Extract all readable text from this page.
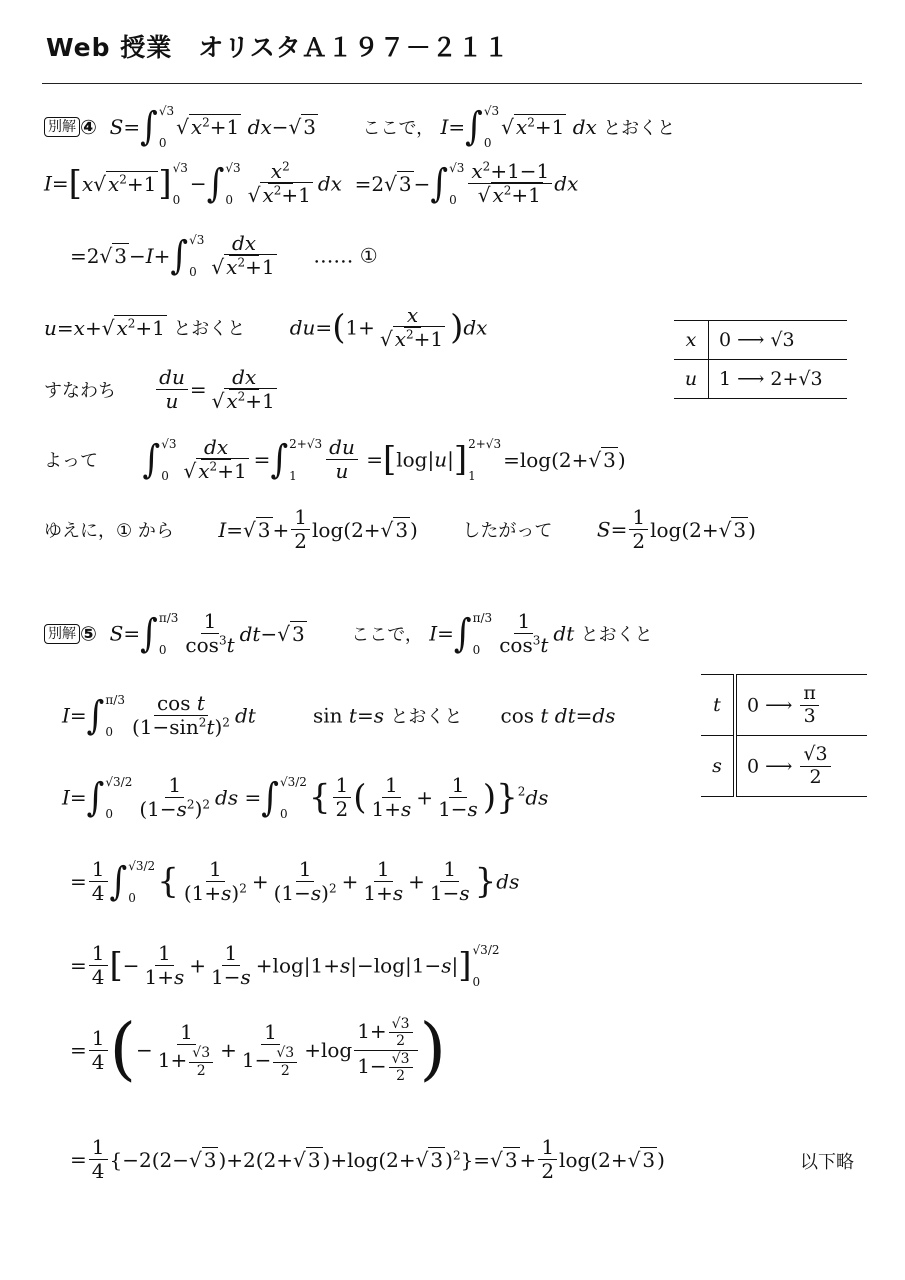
Web 授業　オリスタＡ１９７－２１１
別解 ④ S= ∫ √3
0
√ $x^2+1$ dx−√ 3	ここで， I= ∫ √3
0
√ $x^2+1$ dx とおくと
I=[x√ $x^2+1$] √3
0
− ∫ √3
$0 \frac{x^2}{√ x^2+1}$ dx =2√ 3 − ∫ √3
$0 \frac{x^2+1-1}{√ x^2+1}$ dx
=2√ 3 −I+ ∫ √3
$0 \frac{dx}{√ x^2+1}$ …… ①
u=x+√ $x^2+1$ とおくと $du=(1+ \frac{x}{√ x^2+1} )dx$
x	0 ⟶ √3
u	1 ⟶ 2+√3
すなわち $\frac{du}{u} = \frac{dx}{√ x^2+1}$
よって ∫ √3
$0 \frac{dx}{√ x^2+1}$ = ∫ 2+√3
1	$\frac{du}{u} =[\log|u|]$ 2+√3
1
=log(2+√ 3 )
ゆえに，① から I=√ $3 + \frac{1}{2} \log(2+√$ 3 ) したがって $S= \frac{1}{2} \log(2+√$ 3 )
別解 ⑤ S= ∫ π/3
$0 \frac{1}{\cos^3t} dt-√$ 3	ここで， I= ∫ π/3
$0 \frac{1}{\cos^3t}$ dt とおくと
I= ∫ π/3
$0 \frac{\text{cos t}}{(1-\sin^2t)^2}$ dt	sin t=s とおくと cos t dt=ds	t	0 ⟶ $\frac{\pi}{3}$

s	0 ⟶ $\frac{√3}{2}$
I= ∫ √3/2
0	$\frac{1}{(1-s^2)^2}$ ds = ∫ √3/2
0 { $\frac{1}{2}$ ( $\frac{1}{1+s} + \frac{1}{1-s} )\}^2ds$
= $\frac{1}{4}$ ∫ √3/2
0 { $\frac{1}{(1+s)^2} + \frac{1}{(1-s)^2} + \frac{1}{1+s} + \frac{1}{1-s} \}ds$
= $\frac{1}{4}$ [− $\frac{1}{1+s} + \frac{1}{1-s} +\log|1+s|-\log|1-s|$] √3/2
0
= $\frac{1}{4}$ (− $\frac{1}{1+ \frac{√3}{2}} + \frac{1}{1- \frac{√3}{2}} +\log \frac{1+ \frac{√3}{2}}{1- \frac{√3}{2}}$ )
= $\frac{1}{4} \{-2(2-√$ 3 )+2(2+√ 3 )+log(2+√ 3 )$^2$}=√ $3 + \frac{1}{2} \log(2+√$ 3 )	以下略
